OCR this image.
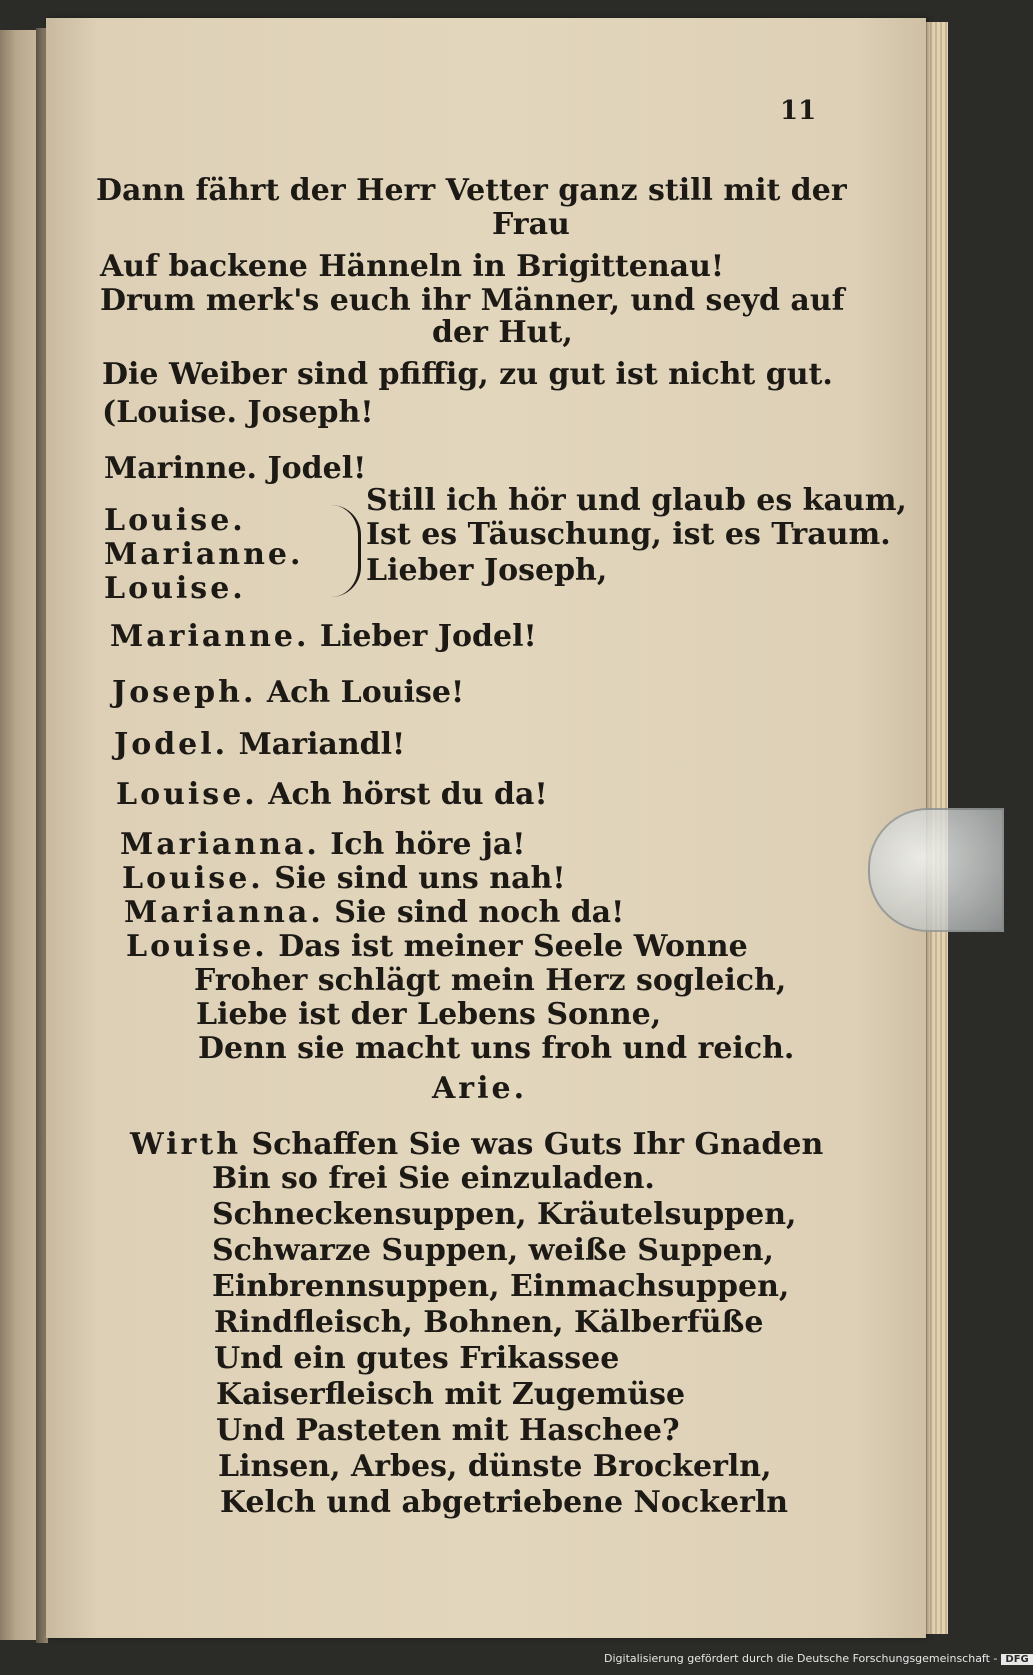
11
Dann fährt der Herr Vetter ganz still mit der
Frau
Auf backene Hänneln in Brigittenau!
Drum merk's euch ihr Männer, und seyd auf
der Hut,
Die Weiber sind pfiffig, zu gut ist nicht gut.
(Louise. Joseph!
Marinne. Jodel!
Louise.
Marianne.
Louise.
Still ich hör und glaub es kaum,
Ist es Täuschung, ist es Traum.
Lieber Joseph,
Marianne. Lieber Jodel!
Joseph. Ach Louise!
Jodel. Mariandl!
Louise. Ach hörst du da!
Marianna. Ich höre ja!
Louise. Sie sind uns nah!
Marianna. Sie sind noch da!
Louise. Das ist meiner Seele Wonne
Froher schlägt mein Herz sogleich,
Liebe ist der Lebens Sonne,
Denn sie macht uns froh und reich.
Arie.
Wirth Schaffen Sie was Guts Ihr Gnaden
Bin so frei Sie einzuladen.
Schneckensuppen, Kräutelsuppen,
Schwarze Suppen, weiße Suppen,
Einbrennsuppen, Einmachsuppen,
Rindfleisch, Bohnen, Kälberfüße
Und ein gutes Frikassee
Kaiserfleisch mit Zugemüse
Und Pasteten mit Haschee?
Linsen, Arbes, dünste Brockerln,
Kelch und abgetriebene Nockerln
Digitalisierung gefördert durch die Deutsche Forschungsgemeinschaft - DFG
